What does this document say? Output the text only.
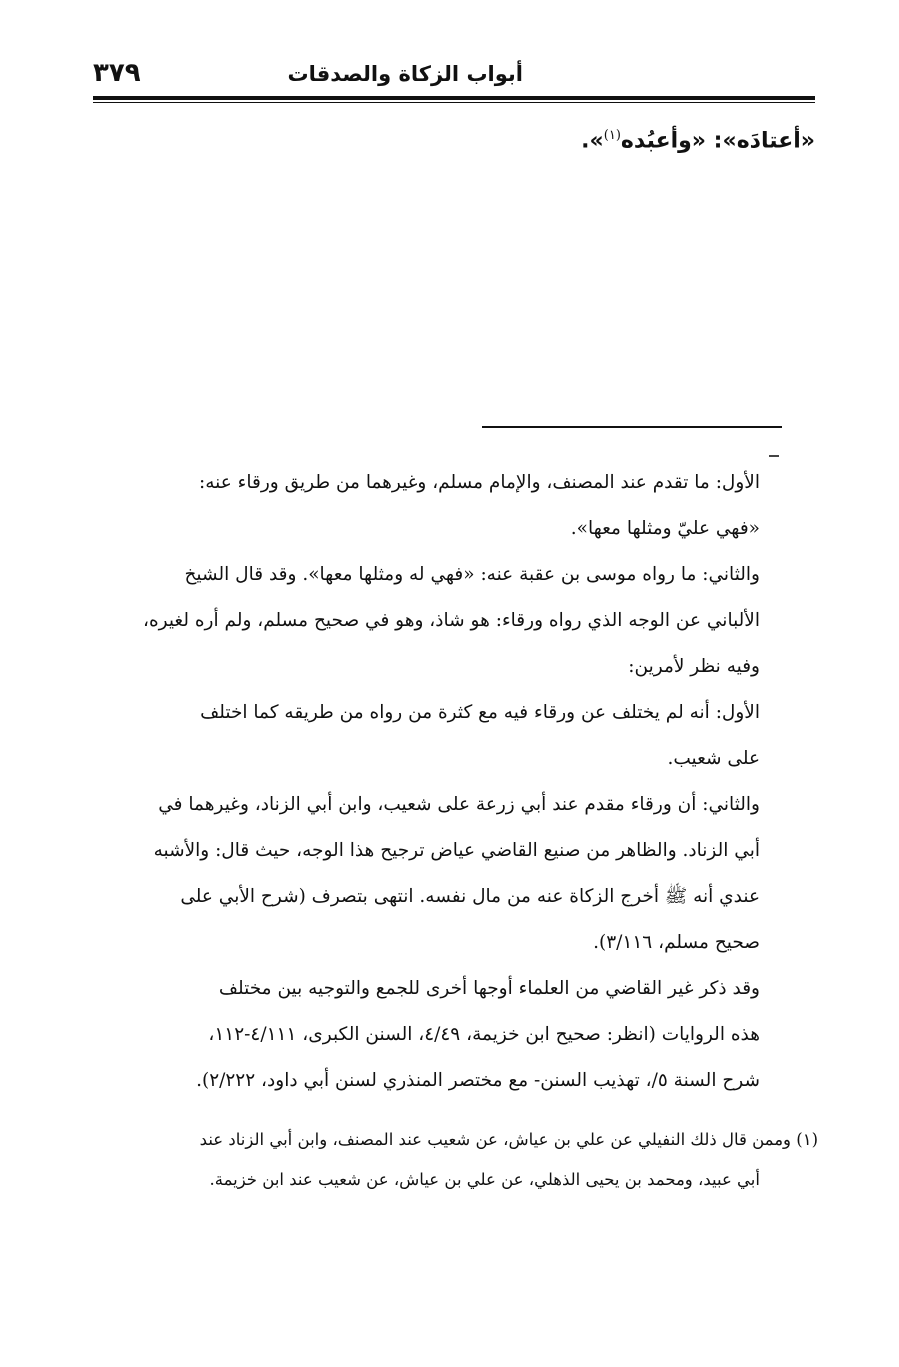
أبواب الزكاة والصدقات
٣٧٩
«أعتادَه»: «وأعبُده$^{(١)}$».

الأول: ما تقدم عند المصنف، والإمام مسلم، وغيرهما من طريق ورقاء عنه:
«فهي عليّ ومثلها معها».

والثاني: ما رواه موسى بن عقبة عنه: «فهي له ومثلها معها». وقد قال الشيخ
الألباني عن الوجه الذي رواه ورقاء: هو شاذ، وهو في صحيح مسلم، ولم أره لغيره،
وفيه نظر لأمرين:

الأول: أنه لم يختلف عن ورقاء فيه مع كثرة من رواه من طريقه كما اختلف
على شعيب.

والثاني: أن ورقاء مقدم عند أبي زرعة على شعيب، وابن أبي الزناد، وغيرهما في
أبي الزناد. والظاهر من صنيع القاضي عياض ترجيح هذا الوجه، حيث قال: والأشبه
عندي أنه ﷺ أخرج الزكاة عنه من مال نفسه. انتهى بتصرف (شرح الأبي على
صحيح مسلم، ٣/١١٦).

وقد ذكر غير القاضي من العلماء أوجها أخرى للجمع والتوجيه بين مختلف
هذه الروايات (انظر: صحيح ابن خزيمة، ٤/٤٩، السنن الكبرى، ٤/١١١-١١٢،
شرح السنة ٥/، تهذيب السنن- مع مختصر المنذري لسنن أبي داود، ٢/٢٢٢).

(١) وممن قال ذلك النفيلي عن علي بن عياش، عن شعيب عند المصنف، وابن أبي الزناد عند
أبي عبيد، ومحمد بن يحيى الذهلي، عن علي بن عياش، عن شعيب عند ابن خزيمة.
